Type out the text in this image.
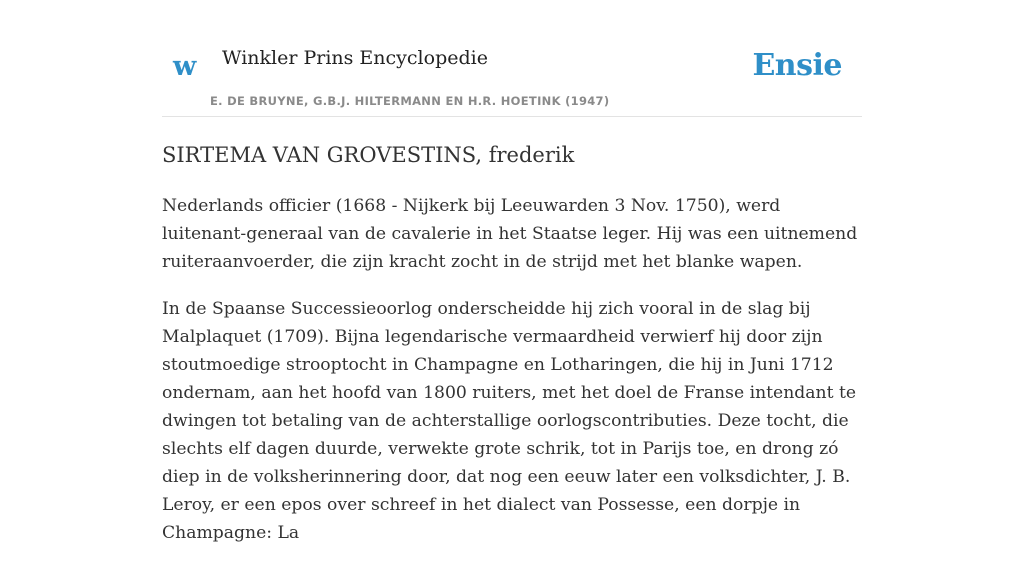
w Winkler Prins Encyclopedie
E. DE BRUYNE, G.B.J. HILTERMANN EN H.R. HOETINK (1947)
Ensie
SIRTEMA VAN GROVESTINS, frederik

Nederlands officier (1668 - Nijkerk bij Leeuwarden 3 Nov. 1750), werd luitenant-generaal van de cavalerie in het Staatse leger. Hij was een uitnemend ruiteraanvoerder, die zijn kracht zocht in de strijd met het blanke wapen.

In de Spaanse Successieoorlog onderscheidde hij zich vooral in de slag bij Malplaquet (1709). Bijna legendarische vermaardheid verwierf hij door zijn stoutmoedige strooptocht in Champagne en Lotharingen, die hij in Juni 1712 ondernam, aan het hoofd van 1800 ruiters, met het doel de Franse intendant te dwingen tot betaling van de achterstallige oorlogscontributies. Deze tocht, die slechts elf dagen duurde, verwekte grote schrik, tot in Parijs toe, en drong zó diep in de volksherinnering door, dat nog een eeuw later een volksdichter, J. B. Leroy, er een epos over schreef in het dialect van Possesse, een dorpje in Champagne: La
